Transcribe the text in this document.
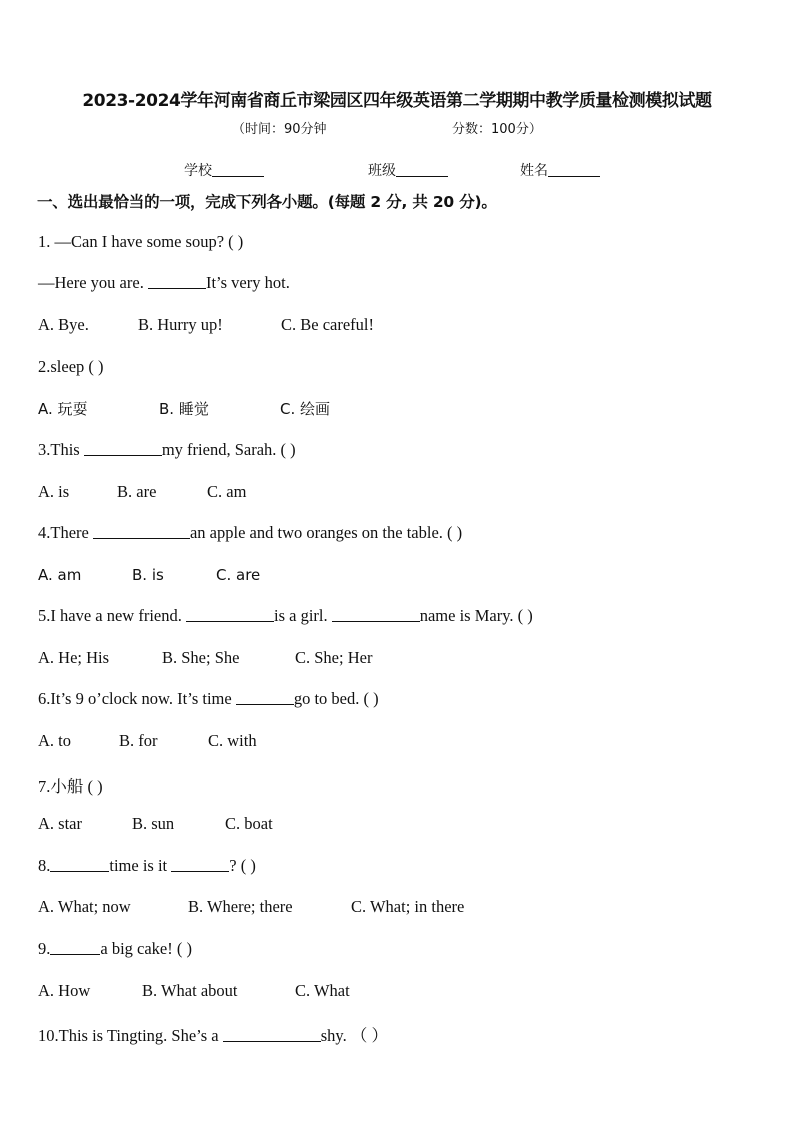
2023-2024学年河南省商丘市梁园区四年级英语第二学期期中教学质量检测模拟试题
（时间：90分钟	分数：100分）
学校	班级	姓名
一、选出最恰当的一项，完成下列各小题。(每题 2 分, 共 20 分)。
1. —Can I have some soup? ( )
—Here you are.	It’s very hot.
A. Bye.	B. Hurry up!	C. Be careful!
2.sleep ( )
A. 玩耍	B. 睡觉	C. 绘画
3.This	my friend, Sarah. ( )
A. is	B. are	C. am
4.There	an apple and two oranges on the table. ( )
A. am	B. is	C. are
5.I have a new friend.	is a girl.	name is Mary. ( )
A. He; His	B. She; She	C. She; Her
6.It’s 9 o’clock now. It’s time	go to bed. ( )
A. to	B. for	C. with
7.小船 ( )
A. star	B. sun	C. boat
8.	time is it	? ( )
A. What; now	B. Where; there	C. What; in there
9.	a big cake! ( )
A. How	B. What about	C. What
10.This is Tingting. She’s a	shy. （ ）
